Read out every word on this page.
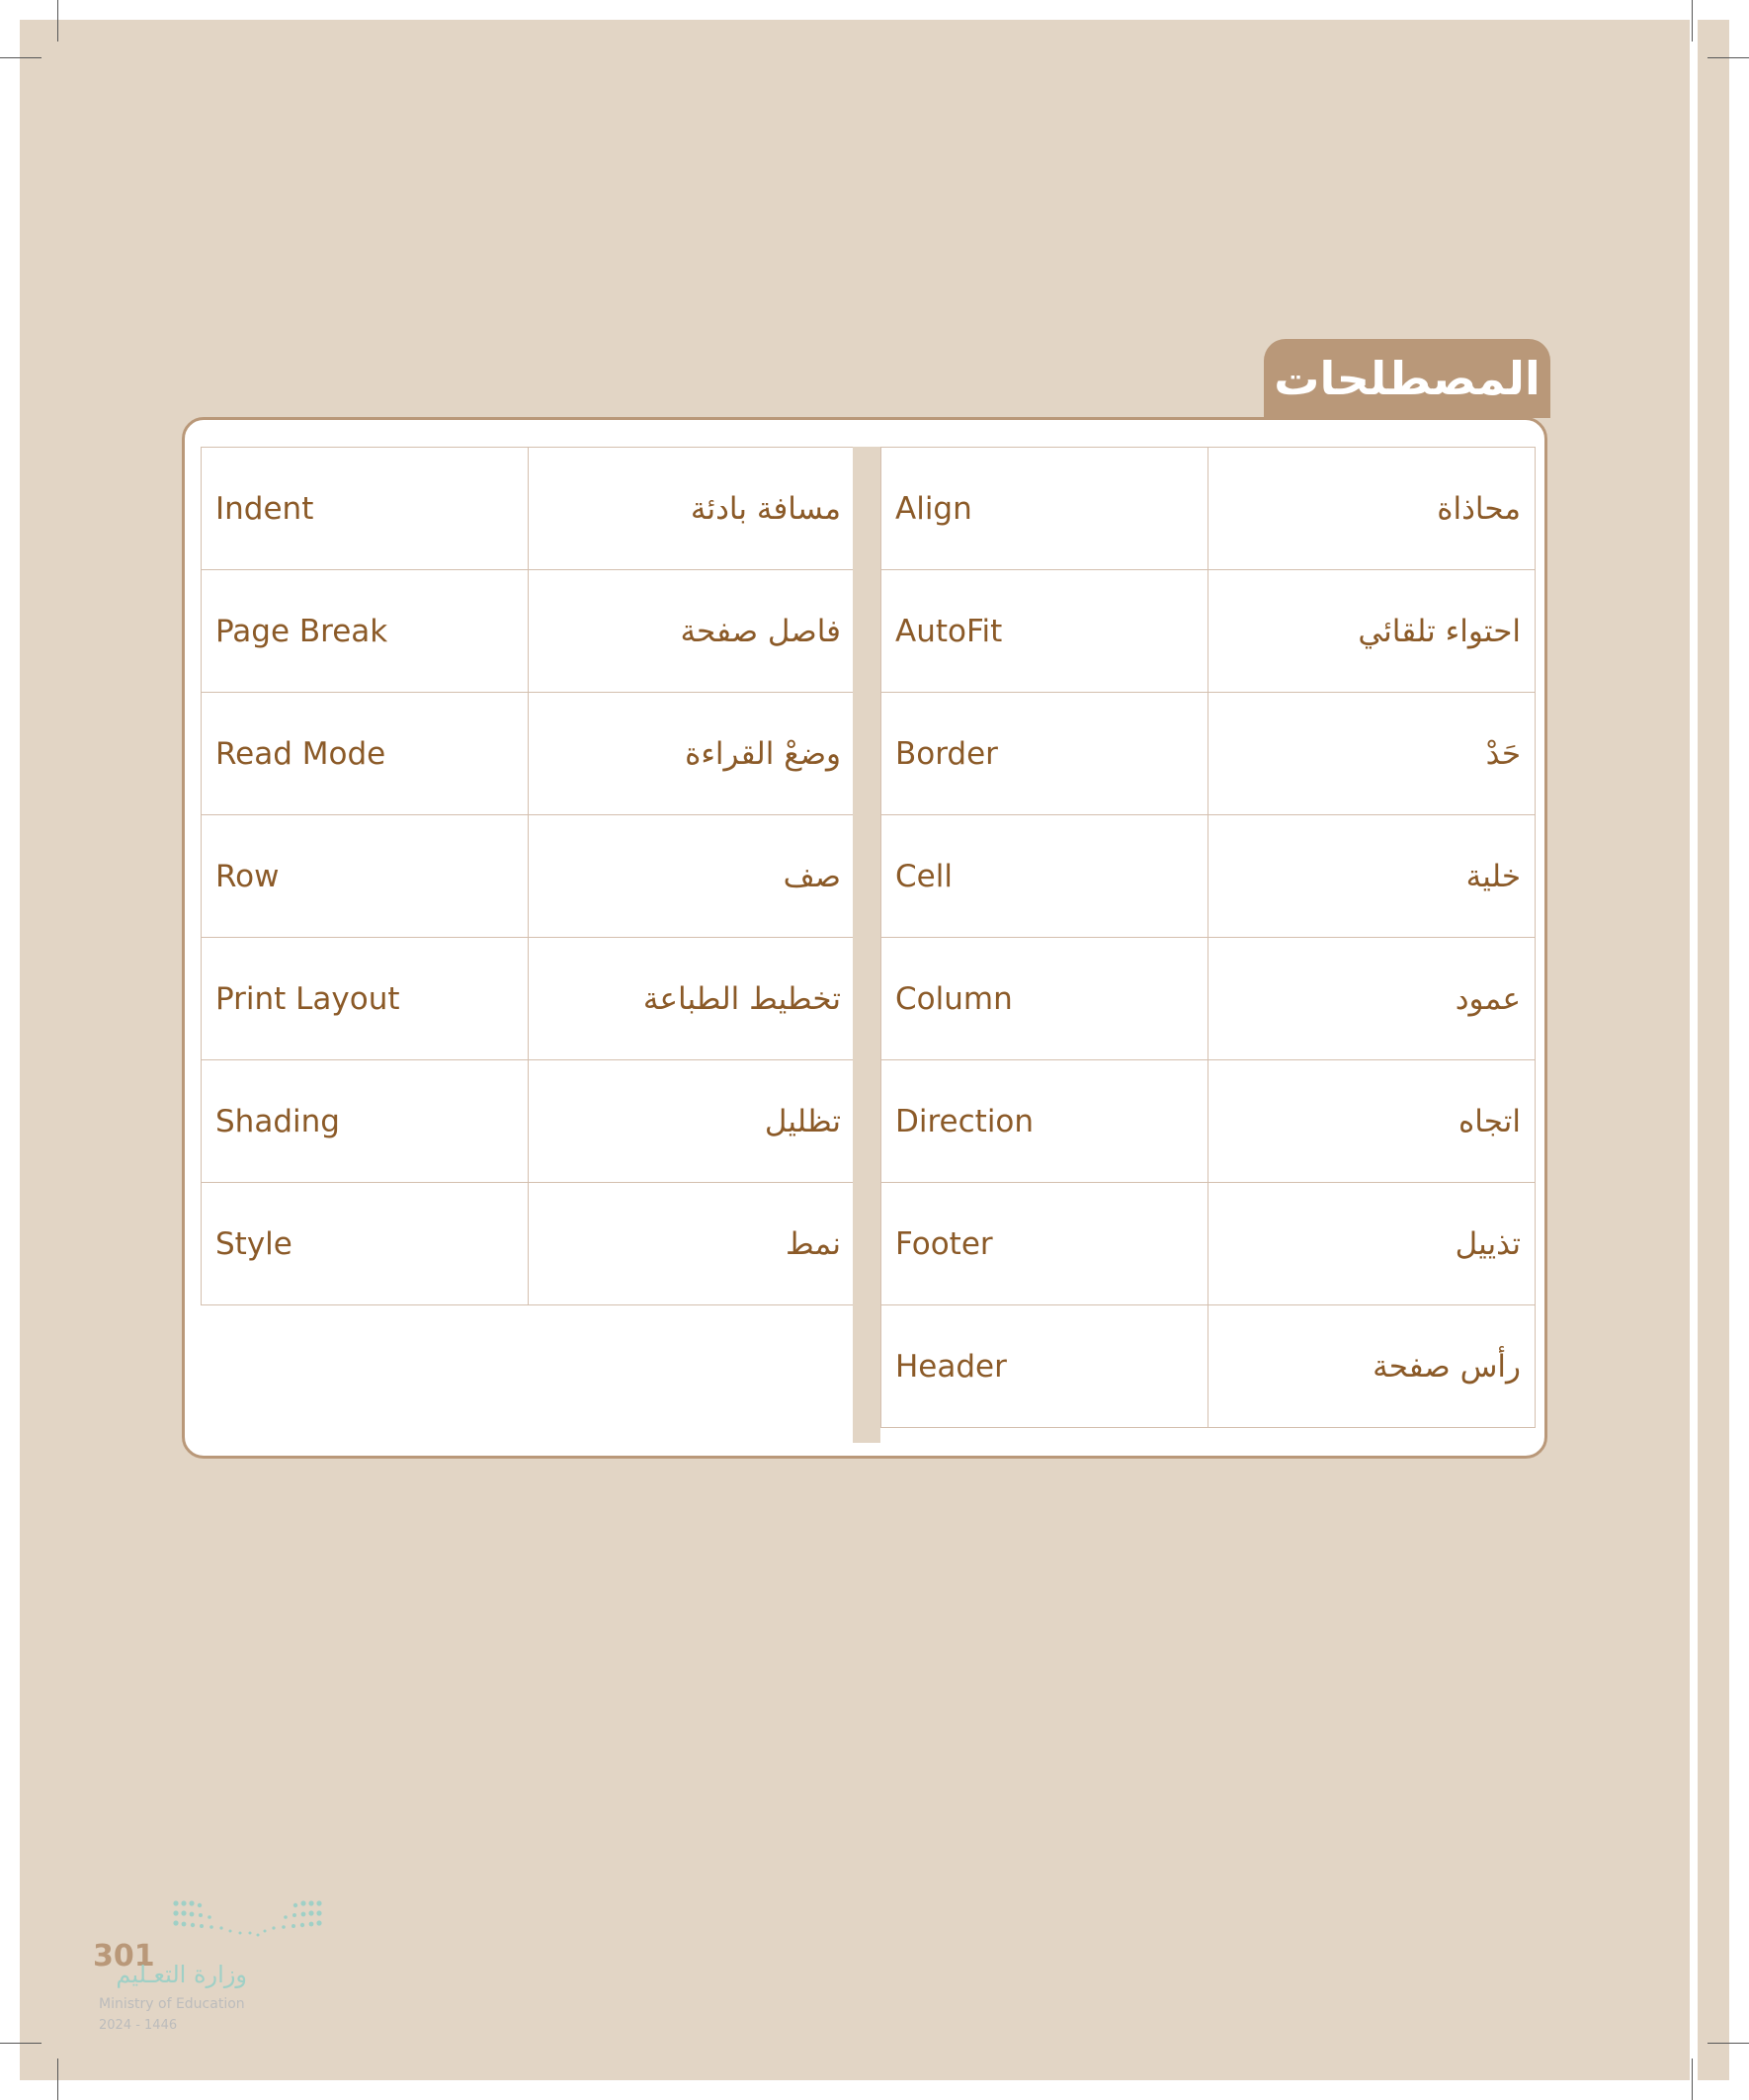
المصطلحات
Indent	مسافة بادئة
Page Break	فاصل صفحة
Read Mode	وضعْ القراءة
Row	صف
Print Layout	تخطيط الطباعة
Shading	تظليل
Style	نمط
Align	محاذاة
AutoFit	احتواء تلقائي
Border	حَدْ
Cell	خلية
Column	عمود
Direction	اتجاه
Footer	تذييل
Header	رأس صفحة
301
وزارة التعـليم
Ministry of Education
2024 - 1446
